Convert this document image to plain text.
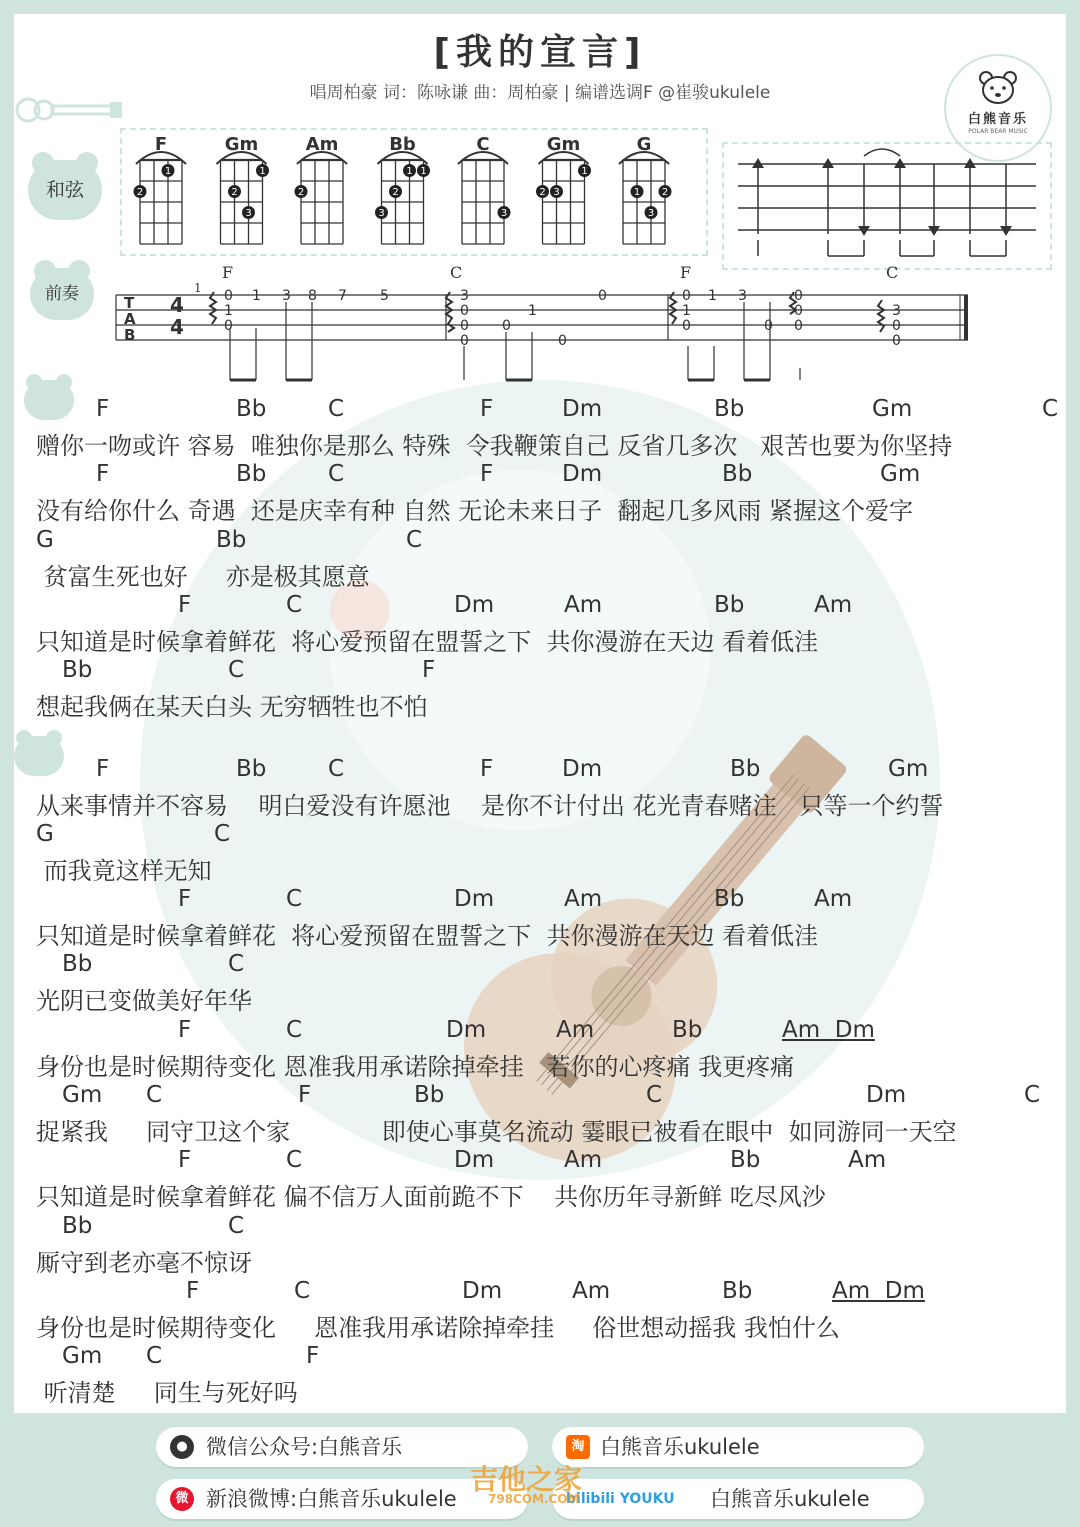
[我的宣言]
唱周柏豪 词：陈咏谦 曲：周柏豪 | 编谱选调F @崔骏ukulele
白熊音乐
POLAR BEAR MUSIC
和弦
前奏
F
2
1
Gm
2
3
1
Am
2
Bb
3
2
1 1
C
3
Gm
2 3
1
G
1 2
3
T
A
B
4
4
1
F	C	F	C
0
1
0
1 3 8 7 5	3
0
0
0
0
1
0
0	0
1
0
1 3
0
0
0
0
3
0
0
F	Bb	C	F	Dm	Bb	Gm	C
赠你一吻或许 容易  唯独你是那么 特殊  令我鞭策自己 反省几多次   艰苦也要为你坚持
F	Bb	C	F	Dm	Bb	Gm
没有给你什么 奇遇  还是庆幸有种 自然 无论未来日子  翻起几多风雨 紧握这个爱字
G	Bb	C
贫富生死也好     亦是极其愿意
F	C	Dm	Am	Bb	Am
只知道是时候拿着鲜花  将心爱预留在盟誓之下  共你漫游在天边 看着低洼
Bb	C	F
想起我俩在某天白头 无穷牺牲也不怕
F	Bb	C	F	Dm	Bb	Gm
从来事情并不容易    明白爱没有许愿池    是你不计付出 花光青春赌注   只等一个约誓
G	C
而我竟这样无知
F	C	Dm	Am	Bb	Am
只知道是时候拿着鲜花  将心爱预留在盟誓之下  共你漫游在天边 看着低洼
Bb	C
光阴已变做美好年华
F	C	Dm	Am	Bb	Am  Dm
身份也是时候期待变化 恩准我用承诺除掉牵挂   若你的心疼痛 我更疼痛
Gm C	F	Bb	C	Dm	C
捉紧我     同守卫这个家            即使心事莫名流动 霎眼已被看在眼中  如同游同一天空
F	C	Dm	Am	Bb	Am
只知道是时候拿着鲜花 偏不信万人面前跪不下    共你历年寻新鲜 吃尽风沙
Bb	C
厮守到老亦毫不惊讶
F	C	Dm	Am	Bb	Am  Dm
身份也是时候期待变化     恩准我用承诺除掉牵挂     俗世想动摇我 我怕什么
Gm C	F
听清楚     同生与死好吗
● 微信公众号:白熊音乐	淘 白熊音乐ukulele
微 新浪微博:白熊音乐ukulele	bilibili YOUKU 白熊音乐ukulele
吉他之家
798COM.COM
